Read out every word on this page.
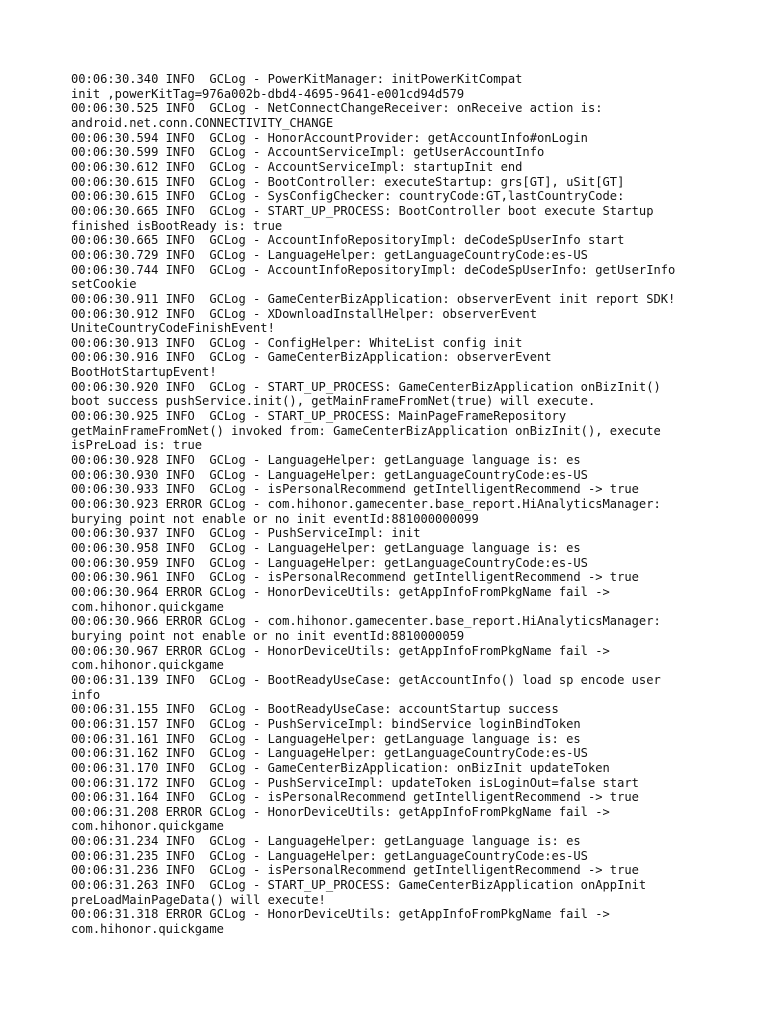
00:06:30.340 INFO  GCLog - PowerKitManager: initPowerKitCompat
init ,powerKitTag=976a002b-dbd4-4695-9641-e001cd94d579
00:06:30.525 INFO  GCLog - NetConnectChangeReceiver: onReceive action is:
android.net.conn.CONNECTIVITY_CHANGE
00:06:30.594 INFO  GCLog - HonorAccountProvider: getAccountInfo#onLogin
00:06:30.599 INFO  GCLog - AccountServiceImpl: getUserAccountInfo
00:06:30.612 INFO  GCLog - AccountServiceImpl: startupInit end
00:06:30.615 INFO  GCLog - BootController: executeStartup: grs[GT], uSit[GT]
00:06:30.615 INFO  GCLog - SysConfigChecker: countryCode:GT,lastCountryCode:
00:06:30.665 INFO  GCLog - START_UP_PROCESS: BootController boot execute Startup
finished isBootReady is: true
00:06:30.665 INFO  GCLog - AccountInfoRepositoryImpl: deCodeSpUserInfo start
00:06:30.729 INFO  GCLog - LanguageHelper: getLanguageCountryCode:es-US
00:06:30.744 INFO  GCLog - AccountInfoRepositoryImpl: deCodeSpUserInfo: getUserInfo
setCookie
00:06:30.911 INFO  GCLog - GameCenterBizApplication: observerEvent init report SDK!
00:06:30.912 INFO  GCLog - XDownloadInstallHelper: observerEvent
UniteCountryCodeFinishEvent!
00:06:30.913 INFO  GCLog - ConfigHelper: WhiteList config init
00:06:30.916 INFO  GCLog - GameCenterBizApplication: observerEvent
BootHotStartupEvent!
00:06:30.920 INFO  GCLog - START_UP_PROCESS: GameCenterBizApplication onBizInit()
boot success pushService.init(), getMainFrameFromNet(true) will execute.
00:06:30.925 INFO  GCLog - START_UP_PROCESS: MainPageFrameRepository
getMainFrameFromNet() invoked from: GameCenterBizApplication onBizInit(), execute
isPreLoad is: true
00:06:30.928 INFO  GCLog - LanguageHelper: getLanguage language is: es
00:06:30.930 INFO  GCLog - LanguageHelper: getLanguageCountryCode:es-US
00:06:30.933 INFO  GCLog - isPersonalRecommend getIntelligentRecommend -> true
00:06:30.923 ERROR GCLog - com.hihonor.gamecenter.base_report.HiAnalyticsManager:
burying point not enable or no init eventId:881000000099
00:06:30.937 INFO  GCLog - PushServiceImpl: init
00:06:30.958 INFO  GCLog - LanguageHelper: getLanguage language is: es
00:06:30.959 INFO  GCLog - LanguageHelper: getLanguageCountryCode:es-US
00:06:30.961 INFO  GCLog - isPersonalRecommend getIntelligentRecommend -> true
00:06:30.964 ERROR GCLog - HonorDeviceUtils: getAppInfoFromPkgName fail ->
com.hihonor.quickgame
00:06:30.966 ERROR GCLog - com.hihonor.gamecenter.base_report.HiAnalyticsManager:
burying point not enable or no init eventId:8810000059
00:06:30.967 ERROR GCLog - HonorDeviceUtils: getAppInfoFromPkgName fail ->
com.hihonor.quickgame
00:06:31.139 INFO  GCLog - BootReadyUseCase: getAccountInfo() load sp encode user
info
00:06:31.155 INFO  GCLog - BootReadyUseCase: accountStartup success
00:06:31.157 INFO  GCLog - PushServiceImpl: bindService loginBindToken
00:06:31.161 INFO  GCLog - LanguageHelper: getLanguage language is: es
00:06:31.162 INFO  GCLog - LanguageHelper: getLanguageCountryCode:es-US
00:06:31.170 INFO  GCLog - GameCenterBizApplication: onBizInit updateToken
00:06:31.172 INFO  GCLog - PushServiceImpl: updateToken isLoginOut=false start
00:06:31.164 INFO  GCLog - isPersonalRecommend getIntelligentRecommend -> true
00:06:31.208 ERROR GCLog - HonorDeviceUtils: getAppInfoFromPkgName fail ->
com.hihonor.quickgame
00:06:31.234 INFO  GCLog - LanguageHelper: getLanguage language is: es
00:06:31.235 INFO  GCLog - LanguageHelper: getLanguageCountryCode:es-US
00:06:31.236 INFO  GCLog - isPersonalRecommend getIntelligentRecommend -> true
00:06:31.263 INFO  GCLog - START_UP_PROCESS: GameCenterBizApplication onAppInit
preLoadMainPageData() will execute!
00:06:31.318 ERROR GCLog - HonorDeviceUtils: getAppInfoFromPkgName fail ->
com.hihonor.quickgame
